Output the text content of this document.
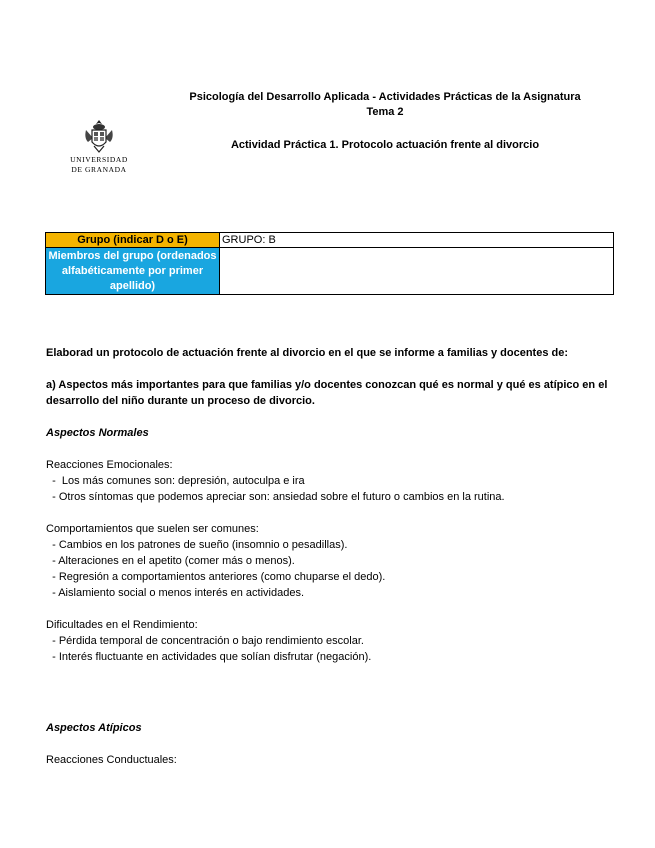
UNIVERSIDAD
DE GRANADA
Psicología del Desarrollo Aplicada - Actividades Prácticas de la Asignatura
Tema 2
Actividad Práctica 1. Protocolo actuación frente al divorcio
Grupo (indicar D o E)	GRUPO: B
Miembros del grupo (ordenados alfabéticamente por primer apellido)	
Elaborad un protocolo de actuación frente al divorcio en el que se informe a familias y docentes de:
a) Aspectos más importantes para que familias y/o docentes conozcan qué es normal y qué es atípico en el
desarrollo del niño durante un proceso de divorcio.
Aspectos Normales
Reacciones Emocionales:
-  Los más comunes son: depresión, autoculpa e ira
- Otros síntomas que podemos apreciar son: ansiedad sobre el futuro o cambios en la rutina.
Comportamientos que suelen ser comunes:
- Cambios en los patrones de sueño (insomnio o pesadillas).
- Alteraciones en el apetito (comer más o menos).
- Regresión a comportamientos anteriores (como chuparse el dedo).
- Aislamiento social o menos interés en actividades.
Dificultades en el Rendimiento:
- Pérdida temporal de concentración o bajo rendimiento escolar.
- Interés fluctuante en actividades que solían disfrutar (negación).
Aspectos Atípicos
Reacciones Conductuales:
